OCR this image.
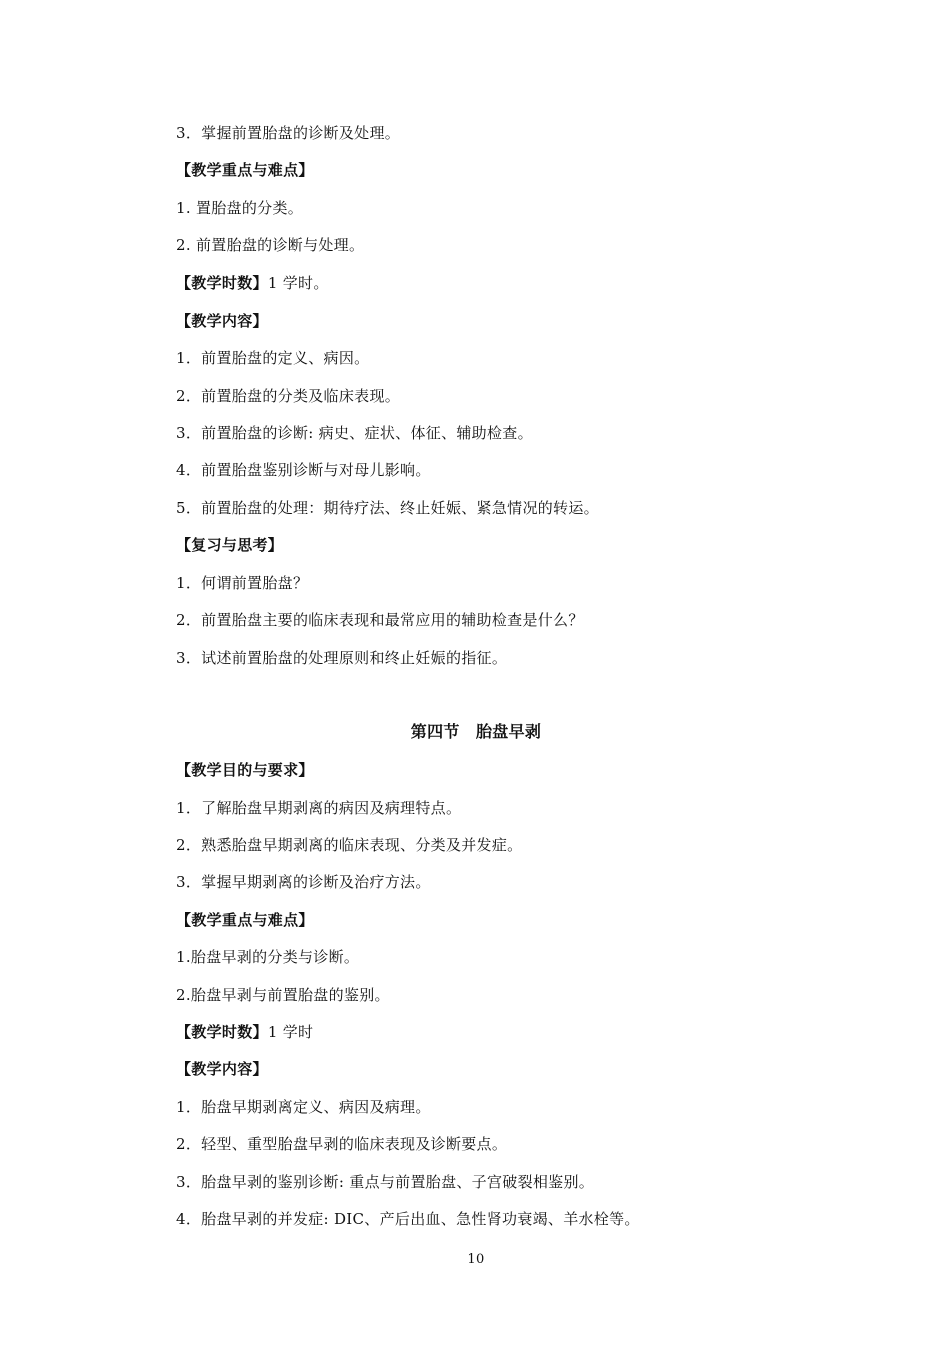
3．掌握前置胎盘的诊断及处理。
【教学重点与难点】
1. 置胎盘的分类。
2. 前置胎盘的诊断与处理。
【教学时数】1 学时。
【教学内容】
1．前置胎盘的定义、病因。
2．前置胎盘的分类及临床表现。
3．前置胎盘的诊断: 病史、症状、体征、辅助检查。
4．前置胎盘鉴别诊断与对母儿影响。
5．前置胎盘的处理：期待疗法、终止妊娠、紧急情况的转运。
【复习与思考】
1．何谓前置胎盘？
2．前置胎盘主要的临床表现和最常应用的辅助检查是什么？
3．试述前置胎盘的处理原则和终止妊娠的指征。
第四节　胎盘早剥
【教学目的与要求】
1．了解胎盘早期剥离的病因及病理特点。
2．熟悉胎盘早期剥离的临床表现、分类及并发症。
3．掌握早期剥离的诊断及治疗方法。
【教学重点与难点】
1.胎盘早剥的分类与诊断。
2.胎盘早剥与前置胎盘的鉴别。
【教学时数】1 学时
【教学内容】
1．胎盘早期剥离定义、病因及病理。
2．轻型、重型胎盘早剥的临床表现及诊断要点。
3．胎盘早剥的鉴别诊断: 重点与前置胎盘、子宫破裂相鉴别。
4．胎盘早剥的并发症: DIC、产后出血、急性肾功衰竭、羊水栓等。
10
